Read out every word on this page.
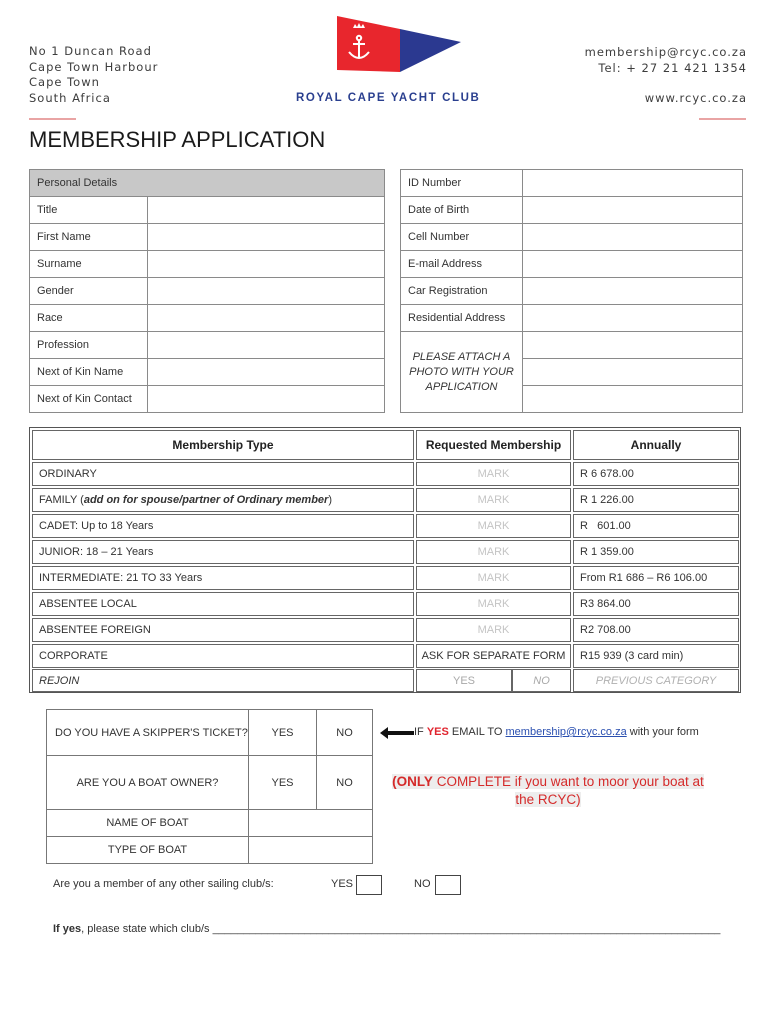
No 1 Duncan Road
Cape Town Harbour
Cape Town
South Africa	ROYAL CAPE YACHT CLUB
membership@rcyc.co.za
Tel: + 27 21 421 1354
www.rcyc.co.za
MEMBERSHIP APPLICATION
Personal Details	
Title	
First Name	
Surname	
Gender	
Race	
Profession	
Next of Kin Name	
Next of Kin Contact	
ID Number	
Date of Birth	
Cell Number	
E-mail Address	
Car Registration	
Residential Address	

PLEASE ATTACH A
PHOTO WITH YOUR
APPLICATION	

Membership Type	Requested Membership	Annually
ORDINARY	MARK	R 6 678.00
FAMILY ( add on for spouse/partner of Ordinary member )	MARK	R 1 226.00
CADET: Up to 18 Years	MARK	R   601.00
JUNIOR: 18 – 21 Years	MARK	R 1 359.00
INTERMEDIATE: 21 TO 33 Years	MARK	From R1 686 – R6 106.00
ABSENTEE LOCAL	MARK	R3 864.00
ABSENTEE FOREIGN	MARK	R2 708.00
CORPORATE	ASK FOR SEPARATE FORM	R15 939 (3 card min)
REJOIN	YES	NO	PREVIOUS CATEGORY
DO YOU HAVE A SKIPPER'S TICKET?	YES	NO
ARE YOU A BOAT OWNER?	YES	NO
NAME OF BOAT		
TYPE OF BOAT		
IF YES EMAIL TO membership@rcyc.co.za with your form
(ONLY COMPLETE if you want to moor your boat at
the RCYC)
Are you a member of any other sailing club/s:	YES	NO
If yes, please state which club/s ___________________________________________________________________________________
